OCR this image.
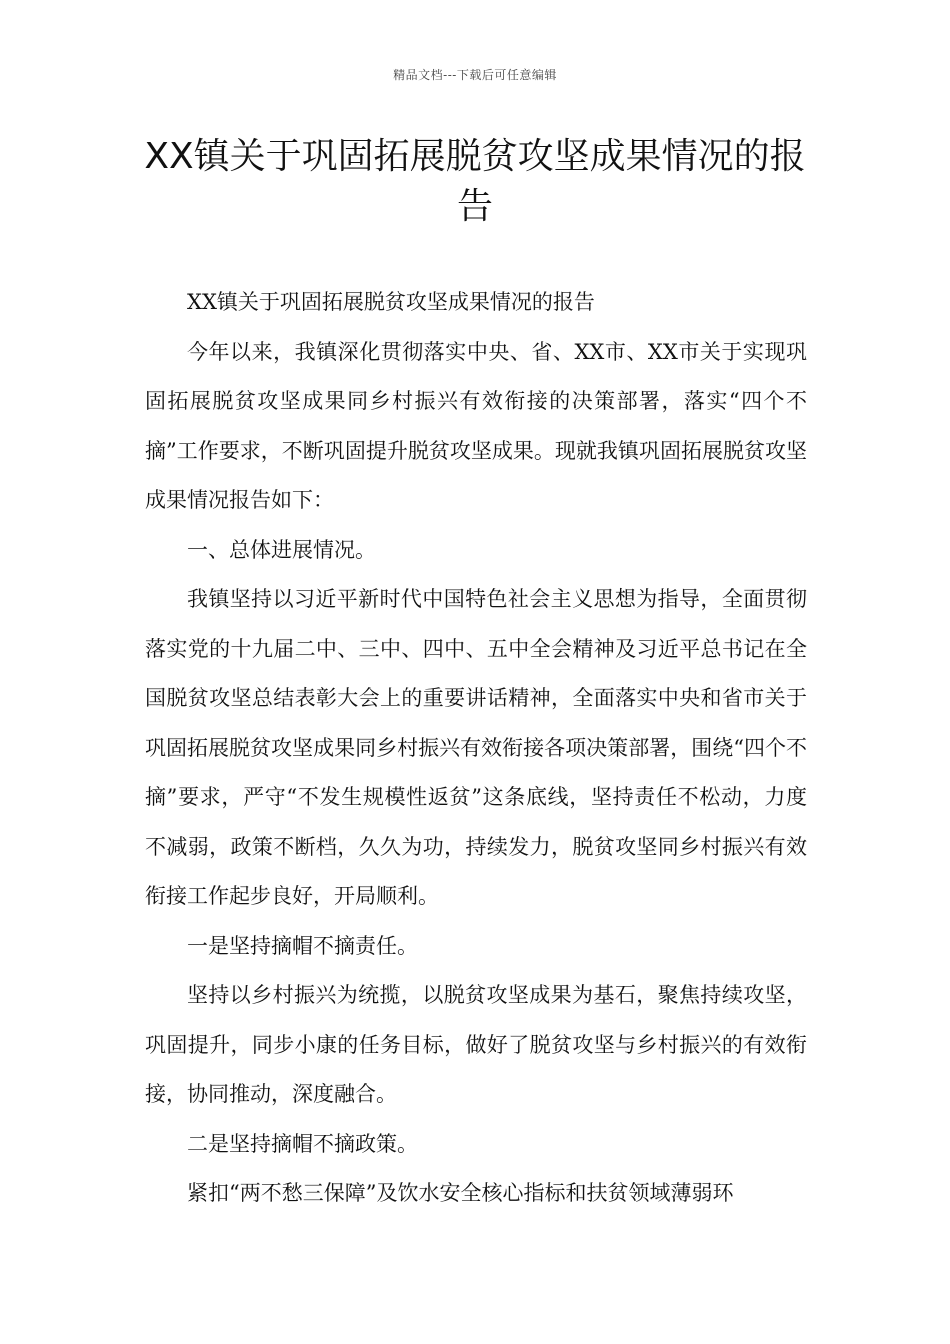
精品文档---下载后可任意编辑
XX镇关于巩固拓展脱贫攻坚成果情况的报告

XX镇关于巩固拓展脱贫攻坚成果情况的报告

今年以来，我镇深化贯彻落实中央、省、XX市、XX市关于实现巩固拓展脱贫攻坚成果同乡村振兴有效衔接的决策部署，落实“四个不摘”工作要求，不断巩固提升脱贫攻坚成果。现就我镇巩固拓展脱贫攻坚成果情况报告如下：

一、总体进展情况。

我镇坚持以习近平新时代中国特色社会主义思想为指导，全面贯彻落实党的十九届二中、三中、四中、五中全会精神及习近平总书记在全国脱贫攻坚总结表彰大会上的重要讲话精神，全面落实中央和省市关于巩固拓展脱贫攻坚成果同乡村振兴有效衔接各项决策部署，围绕“四个不摘”要求，严守“不发生规模性返贫”这条底线，坚持责任不松动，力度不减弱，政策不断档，久久为功，持续发力，脱贫攻坚同乡村振兴有效衔接工作起步良好，开局顺利。

一是坚持摘帽不摘责任。

坚持以乡村振兴为统揽，以脱贫攻坚成果为基石，聚焦持续攻坚，巩固提升，同步小康的任务目标，做好了脱贫攻坚与乡村振兴的有效衔接，协同推动，深度融合。

二是坚持摘帽不摘政策。

紧扣“两不愁三保障”及饮水安全核心指标和扶贫领域薄弱环
